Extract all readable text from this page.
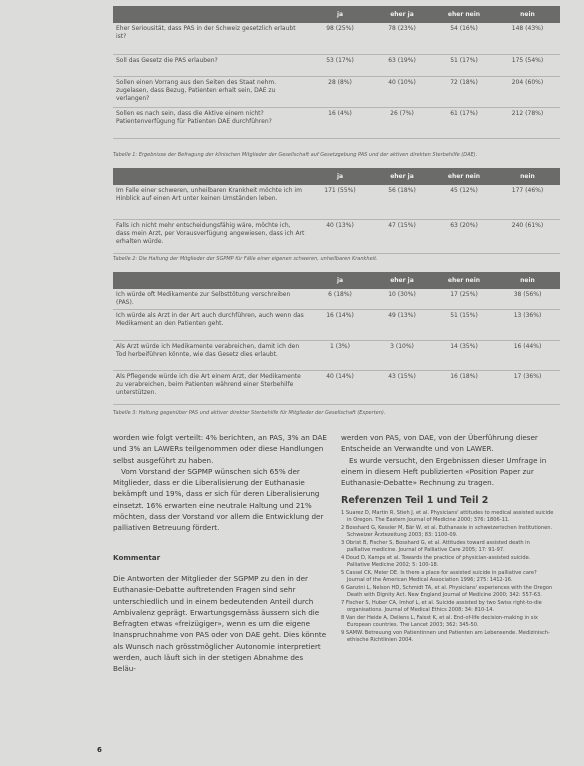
	ja	eher ja	eher nein	nein
Eher Seriousität, dass PAS in der Schweiz gesetzlich erlaubt ist?	98 (25%)	78 (23%)	54 (16%)	148 (43%)
Soll das Gesetz die PAS erlauben?	53 (17%)	63 (19%)	51 (17%)	175 (54%)
Sollen einen Vorrang aus den Seiten des Staat nehm. zugelasen, dass Bezug, Patienten erhalt sein, DAE zu verlangen?	28 (8%)	40 (10%)	72 (18%)	204 (60%)
Sollen es nach sein, dass die Aktive einem nicht? Patientenverfügung für Patienten DAE durchführen?	16 (4%)	26 (7%)	61 (17%)	212 (78%)
Tabelle 1: Ergebnisse der Befragung der klinischen Mitglieder der Gesellschaft auf Gesetzgebung PAS und der aktiven direkten Sterbehilfe (DAE).
	ja	eher ja	eher nein	nein
Im Falle einer schweren, unheilbaren Krankheit möchte ich im Hinblick auf einen Art unter keinen Umständen leben.	171 (55%)	56 (18%)	45 (12%)	177 (46%)
Falls ich nicht mehr entscheidungsfähig wäre, möchte ich, dass mein Arzt, per Vorausverfügung angewiesen, dass ich Art erhalten würde.	40 (13%)	47 (15%)	63 (20%)	240 (61%)
Tabelle 2: Die Haltung der Mitglieder der SGPMP für Fälle einer eigenen schweren, unheilbaren Krankheit.
	ja	eher ja	eher nein	nein
Ich würde oft Medikamente zur Selbsttötung verschreiben (PAS).	6 (18%)	10 (30%)	17 (25%)	38 (56%)
Ich würde als Arzt in der Art auch durchführen, auch wenn das Medikament an den Patienten geht.	16 (14%)	49 (13%)	51 (15%)	13 (36%)
Als Arzt würde ich Medikamente verabreichen, damit ich den Tod herbeiführen könnte, wie das Gesetz dies erlaubt.	1 (3%)	3 (10%)	14 (35%)	16 (44%)
Als Pflegende würde ich die Art einem Arzt, der Medikamente zu verabreichen, beim Patienten während einer Sterbehilfe unterstützen.	40 (14%)	43 (15%)	16 (18%)	17 (36%)
Tabelle 3: Haltung gegenüber PAS und aktiver direkter Sterbehilfe für Mitglieder der Gesellschaft (Experten).

worden wie folgt verteilt: 4% berichten, an PAS, 3% an DAE und 3% an LAWERs teilgenommen oder diese Handlungen selbst ausgeführt zu haben.

Vom Vorstand der SGPMP wünschen sich 65% der Mitglieder, dass er die Liberalisierung der Euthanasie bekämpft und 19%, dass er sich für deren Liberalisierung einsetzt. 16% erwarten eine neutrale Haltung und 21% möchten, dass der Vorstand vor allem die Entwicklung der palliativen Betreuung fördert.

Kommentar

Die Antworten der Mitglieder der SGPMP zu den in der Euthanasie-Debatte auftretenden Fragen sind sehr unterschiedlich und in einem bedeutenden Anteil durch Ambivalenz geprägt. Erwartungsgemäss äussern sich die Befragten etwas «freizügiger», wenn es um die eigene Inanspruchnahme von PAS oder von DAE geht. Dies könnte als Wunsch nach grösstmöglicher Autonomie interpretiert werden, auch läuft sich in der stetigen Abnahme des Beläu-

werden von PAS, von DAE, von der Überführung dieser Entscheide an Verwandte und von LAWER.

Es wurde versucht, den Ergebnissen dieser Umfrage in einem in diesem Heft publizierten «Position Paper zur Euthanasie-Debatte» Rechnung zu tragen.

Referenzen Teil 1 und Teil 2
1 Suarez D, Martin R, Stieh J, et al. Physicians' attitudes to medical assisted suicide in Oregon. The Eastern Journal of Medicine 2000; 376: 1806-11.
2 Bosshard G, Kessler M, Bär W, et al. Euthanasie in schweizerischen Institutionen. Schweizer Ärztezeitung 2003; 83: 1100-09.
3 Obrist B, Fischer S, Bosshard G, et al. Attitudes toward assisted death in palliative medicine. Journal of Palliative Care 2005; 17: 91-97.
4 Doud D, Kamps et al. Towards the practice of physician-assisted suicide. Palliative Medicine 2002; 5: 100-18.
5 Cassel CK, Meier DE. Is there a place for assisted suicide in palliative care? Journal of the American Medical Association 1996; 275: 1412-16.
6 Ganzini L, Nelson HD, Schmidt TA, et al. Physicians' experiences with the Oregon Death with Dignity Act. New England Journal of Medicine 2000; 342: 557-63.
7 Fischer S, Huber CA, Imhof L, et al. Suicide assisted by two Swiss right-to-die organisations. Journal of Medical Ethics 2008; 34: 810-14.
8 Van der Heide A, Deliens L, Faisst K, et al. End-of-life decision-making in six European countries. The Lancet 2003; 362: 345-50.
9 SAMW. Betreuung von Patientinnen und Patienten am Lebensende. Medizinisch-ethische Richtlinien 2004.
6
